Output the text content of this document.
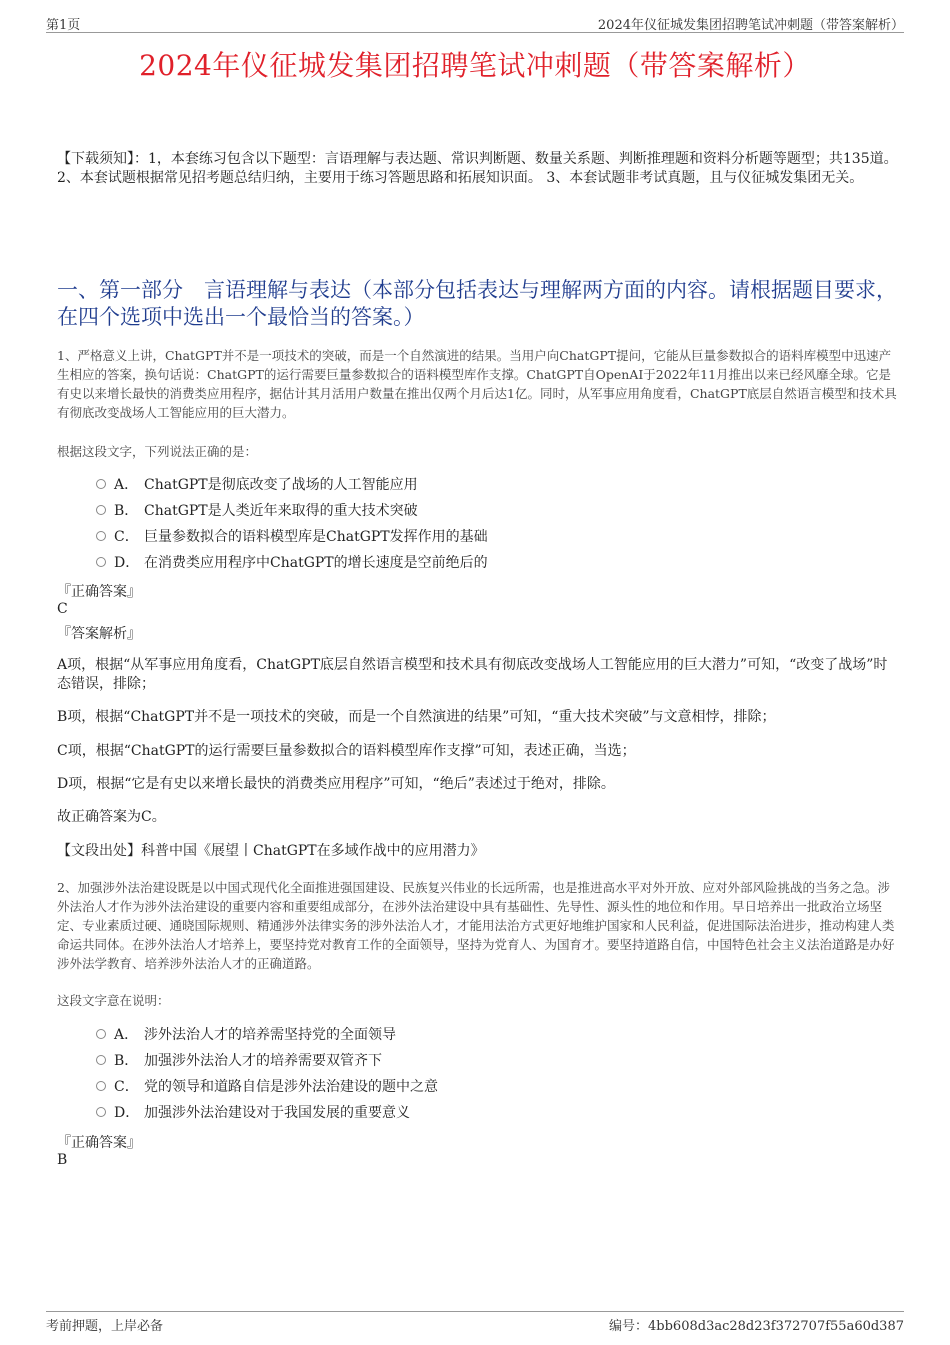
第1页	2024年仪征城发集团招聘笔试冲刺题（带答案解析）
2024年仪征城发集团招聘笔试冲刺题（带答案解析）
【下载须知】：1，本套练习包含以下题型：言语理解与表达题、常识判断题、数量关系题、判断推理题和资料分析题等题型；共135道。 2、本套试题根据常见招考题总结归纳，主要用于练习答题思路和拓展知识面。 3、本套试题非考试真题，且与仪征城发集团无关。
一、第一部分　言语理解与表达（本部分包括表达与理解两方面的内容。请根据题目要求，在四个选项中选出一个最恰当的答案。）
1、严格意义上讲，ChatGPT并不是一项技术的突破，而是一个自然演进的结果。当用户向ChatGPT提问，它能从巨量参数拟合的语料库模型中迅速产生相应的答案，换句话说：ChatGPT的运行需要巨量参数拟合的语料模型库作支撑。ChatGPT自OpenAI于2022年11月推出以来已经风靡全球。它是有史以来增长最快的消费类应用程序，据估计其月活用户数量在推出仅两个月后达1亿。同时，从军事应用角度看，ChatGPT底层自然语言模型和技术具有彻底改变战场人工智能应用的巨大潜力。
根据这段文字，下列说法正确的是：
A． ChatGPT是彻底改变了战场的人工智能应用
B． ChatGPT是人类近年来取得的重大技术突破
C． 巨量参数拟合的语料模型库是ChatGPT发挥作用的基础
D． 在消费类应用程序中ChatGPT的增长速度是空前绝后的
『正确答案』
C
『答案解析』
A项，根据“从军事应用角度看，ChatGPT底层自然语言模型和技术具有彻底改变战场人工智能应用的巨大潜力”可知，“改变了战场”时态错误，排除；
B项，根据“ChatGPT并不是一项技术的突破，而是一个自然演进的结果”可知，“重大技术突破”与文意相悖，排除；
C项，根据“ChatGPT的运行需要巨量参数拟合的语料模型库作支撑”可知，表述正确，当选；
D项，根据“它是有史以来增长最快的消费类应用程序”可知，“绝后”表述过于绝对，排除。
故正确答案为C。
【文段出处】科普中国《展望丨ChatGPT在多域作战中的应用潜力》
2、加强涉外法治建设既是以中国式现代化全面推进强国建设、民族复兴伟业的长远所需，也是推进高水平对外开放、应对外部风险挑战的当务之急。涉外法治人才作为涉外法治建设的重要内容和重要组成部分，在涉外法治建设中具有基础性、先导性、源头性的地位和作用。早日培养出一批政治立场坚定、专业素质过硬、通晓国际规则、精通涉外法律实务的涉外法治人才，才能用法治方式更好地维护国家和人民利益，促进国际法治进步，推动构建人类命运共同体。在涉外法治人才培养上，要坚持党对教育工作的全面领导，坚持为党育人、为国育才。要坚持道路自信，中国特色社会主义法治道路是办好涉外法学教育、培养涉外法治人才的正确道路。
这段文字意在说明：
A． 涉外法治人才的培养需坚持党的全面领导
B． 加强涉外法治人才的培养需要双管齐下
C． 党的领导和道路自信是涉外法治建设的题中之意
D． 加强涉外法治建设对于我国发展的重要意义
『正确答案』
B
考前押题，上岸必备	编号：4bb608d3ac28d23f372707f55a60d387
